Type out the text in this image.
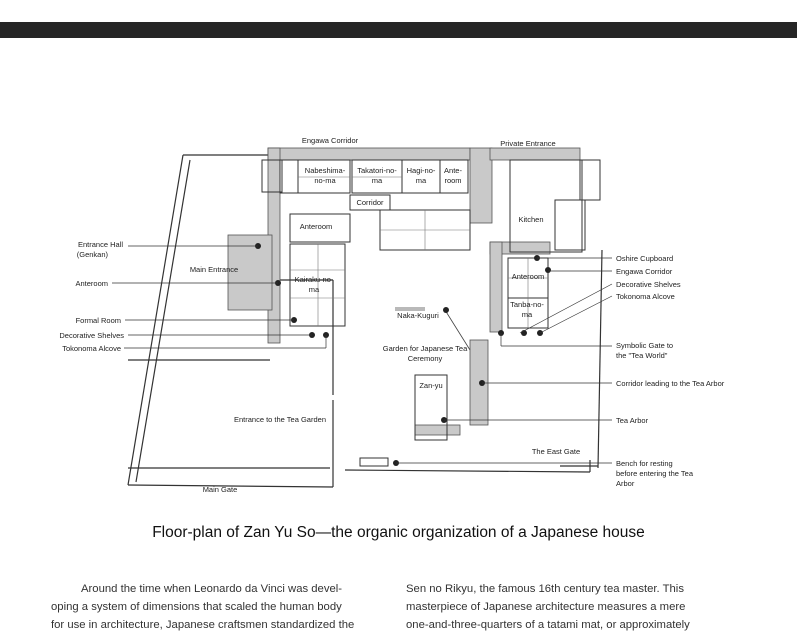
Engawa Corridor	Private Entrance
Nabeshima-
no-ma
Takatori-no-
ma
Hagi-no-
ma
Ante-
room
Corridor
Anteroom
Kitchen
Main Entrance
Kairaku-no-
ma
Naka-Kuguri
Anteroom
Tanba-no-
ma
Garden for Japanese Tea
Ceremony
Zan-yu
Entrance to the Tea Garden
The East Gate
Main Gate
Entrance Hall
(Genkan)
Anteroom
Formal Room
Decorative Shelves
Tokonoma Alcove
Oshire Cupboard
Engawa Corridor
Decorative Shelves
Tokonoma Alcove
Symbolic Gate to
the "Tea World"
Corridor leading to the Tea Arbor
Tea Arbor
Bench for resting
before entering the Tea
Arbor
Floor-plan of Zan Yu So—the organic organization of a Japanese house
Around the time when Leonardo da Vinci was devel-
oping a system of dimensions that scaled the human body
for use in architecture, Japanese craftsmen standardized the
Sen no Rikyu, the famous 16th century tea master. This
masterpiece of Japanese architecture measures a mere
one-and-three-quarters of a tatami mat, or approximately
